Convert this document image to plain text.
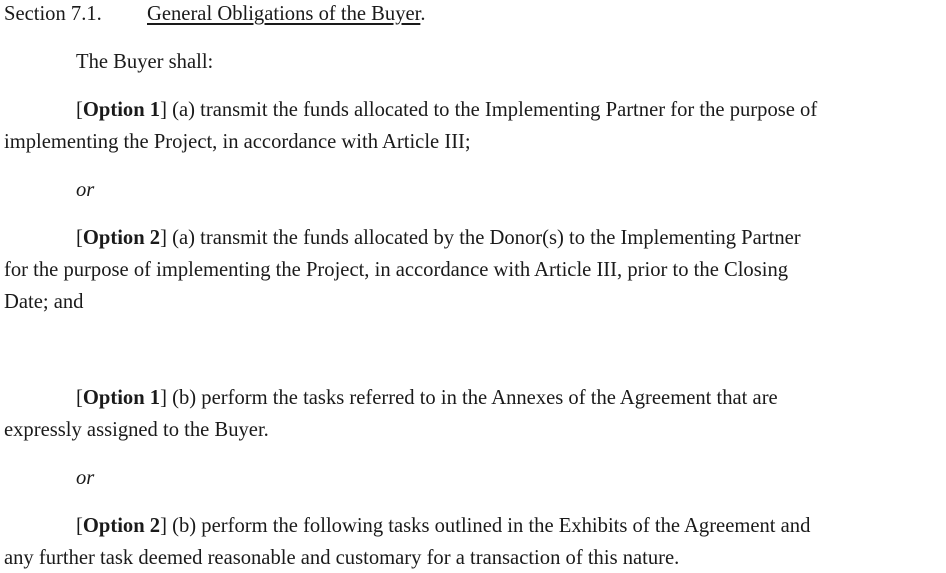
Section 7.1. General Obligations of the Buyer.
The Buyer shall:
[Option 1] (a) transmit the funds allocated to the Implementing Partner for the purpose of
implementing the Project, in accordance with Article III;
or
[Option 2] (a) transmit the funds allocated by the Donor(s) to the Implementing Partner
for the purpose of implementing the Project, in accordance with Article III, prior to the Closing
Date; and
[Option 1] (b) perform the tasks referred to in the Annexes of the Agreement that are
expressly assigned to the Buyer.
or
[Option 2] (b) perform the following tasks outlined in the Exhibits of the Agreement and
any further task deemed reasonable and customary for a transaction of this nature.
